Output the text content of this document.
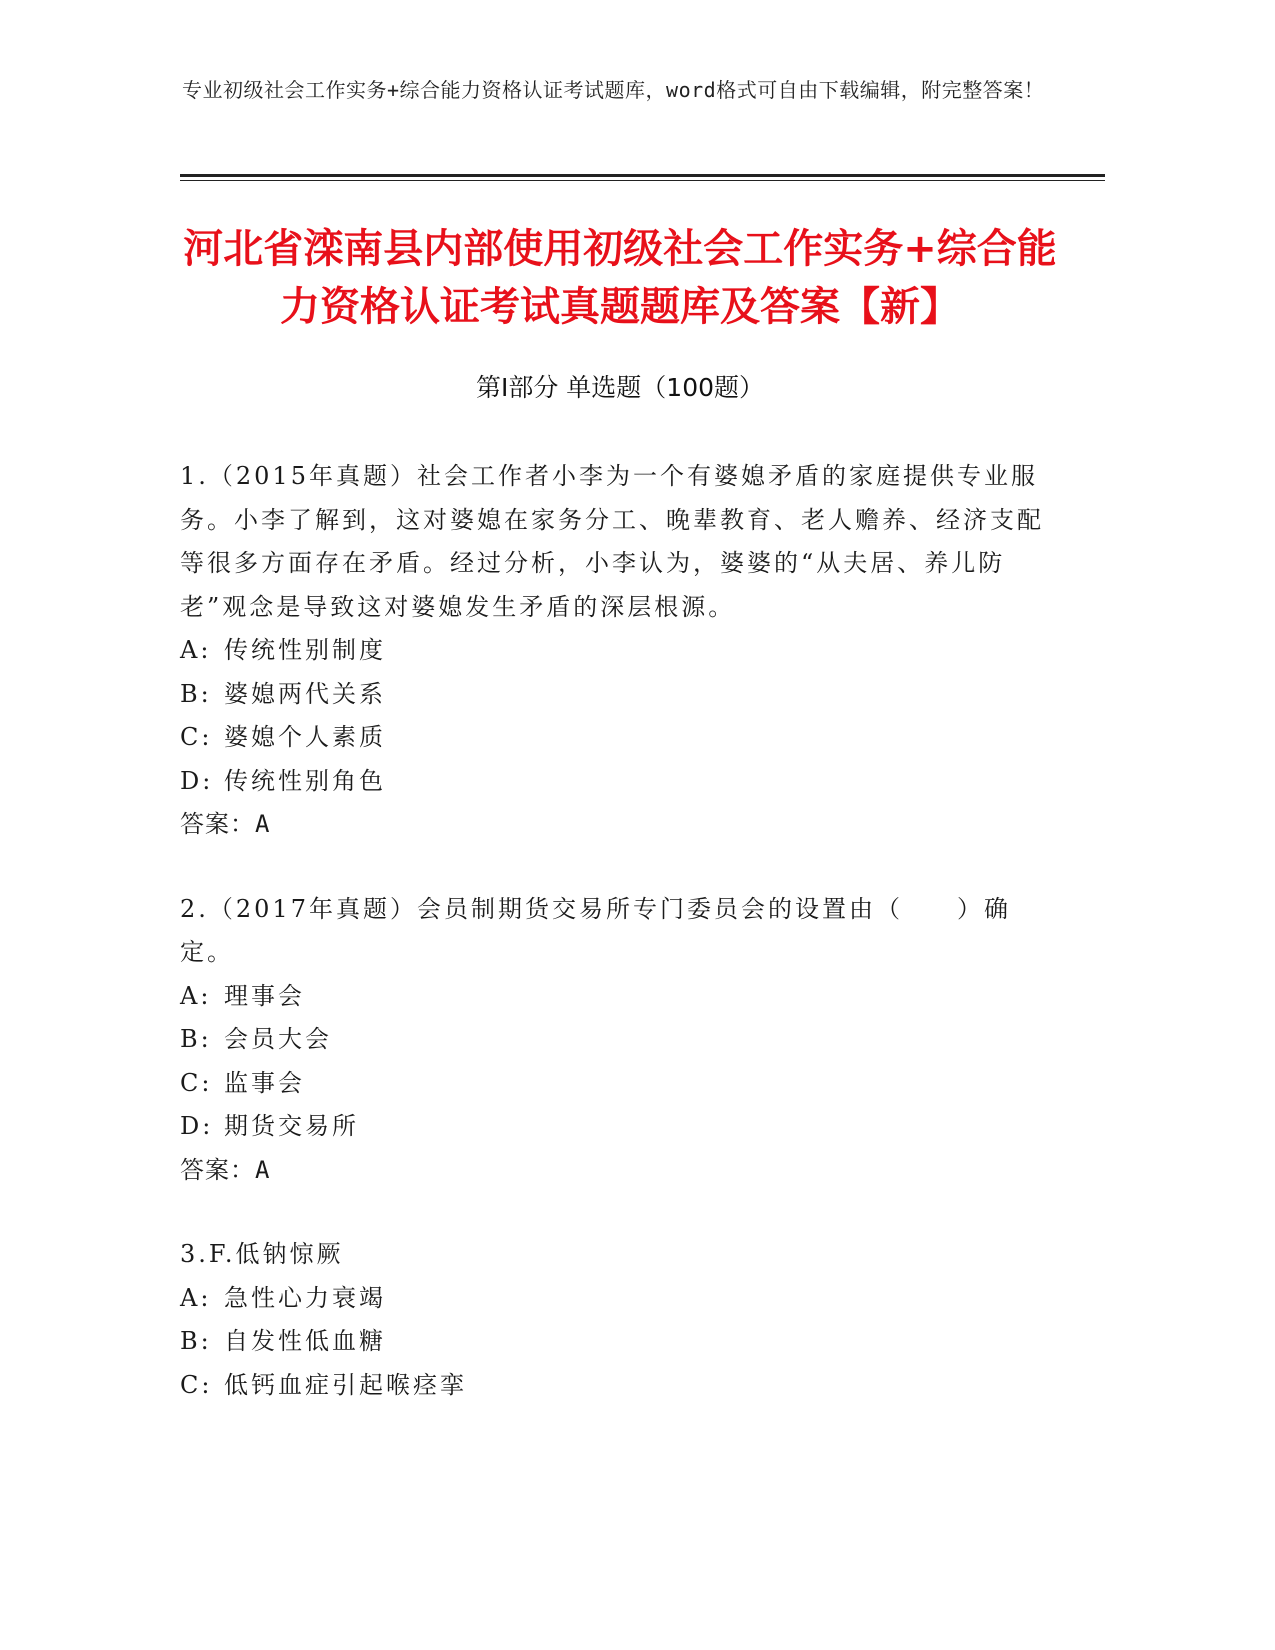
专业初级社会工作实务+综合能力资格认证考试题库，word格式可自由下载编辑，附完整答案！
河北省滦南县内部使用初级社会工作实务+综合能力资格认证考试真题题库及答案【新】
第Ⅰ部分 单选题（100题）

1.（2015年真题）社会工作者小李为一个有婆媳矛盾的家庭提供专业服务。小李了解到，这对婆媳在家务分工、晚辈教育、老人赡养、经济支配等很多方面存在矛盾。经过分析，小李认为，婆婆的“从夫居、养儿防老”观念是导致这对婆媳发生矛盾的深层根源。

A: 传统性别制度
B: 婆媳两代关系
C: 婆媳个人素质
D: 传统性别角色

答案：A

2.（2017年真题）会员制期货交易所专门委员会的设置由（　　）确定。

A: 理事会
B: 会员大会
C: 监事会
D: 期货交易所

答案：A

3.F.低钠惊厥

A: 急性心力衰竭
B: 自发性低血糖
C: 低钙血症引起喉痉挛
